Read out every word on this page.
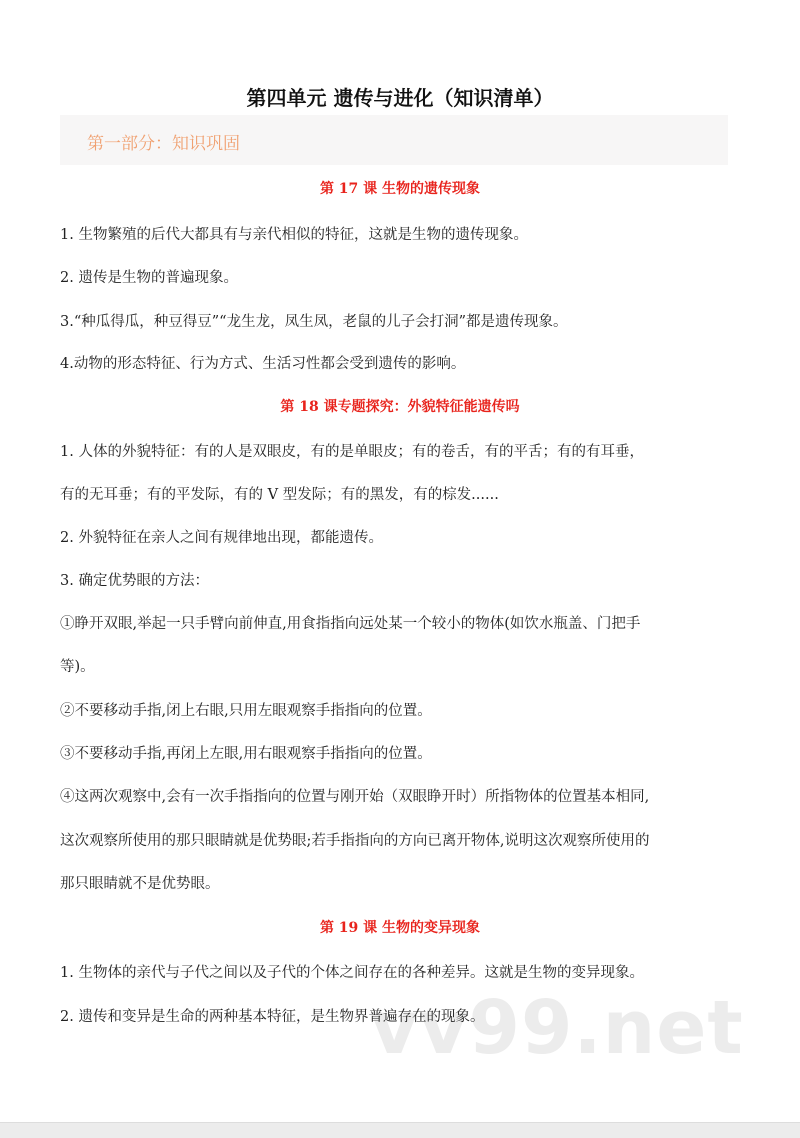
vv99.net
第四单元 遗传与进化（知识清单）
第一部分：知识巩固
第 17 课 生物的遗传现象
1. 生物繁殖的后代大都具有与亲代相似的特征，这就是生物的遗传现象。
2. 遗传是生物的普遍现象。
3.“种瓜得瓜，种豆得豆”“龙生龙，凤生凤，老鼠的儿子会打洞”都是遗传现象。
4.动物的形态特征、行为方式、生活习性都会受到遗传的影响。
第 18 课专题探究：外貌特征能遗传吗
1. 人体的外貌特征：有的人是双眼皮，有的是单眼皮；有的卷舌，有的平舌；有的有耳垂，
有的无耳垂；有的平发际，有的 V 型发际；有的黑发，有的棕发......
2. 外貌特征在亲人之间有规律地出现，都能遗传。
3. 确定优势眼的方法：
①睁开双眼,举起一只手臂向前伸直,用食指指向远处某一个较小的物体(如饮水瓶盖、门把手
等)。
②不要移动手指,闭上右眼,只用左眼观察手指指向的位置。
③不要移动手指,再闭上左眼,用右眼观察手指指向的位置。
④这两次观察中,会有一次手指指向的位置与刚开始（双眼睁开时）所指物体的位置基本相同,
这次观察所使用的那只眼睛就是优势眼;若手指指向的方向已离开物体,说明这次观察所使用的
那只眼睛就不是优势眼。
第 19 课 生物的变异现象
1. 生物体的亲代与子代之间以及子代的个体之间存在的各种差异。这就是生物的变异现象。
2. 遗传和变异是生命的两种基本特征，是生物界普遍存在的现象。
